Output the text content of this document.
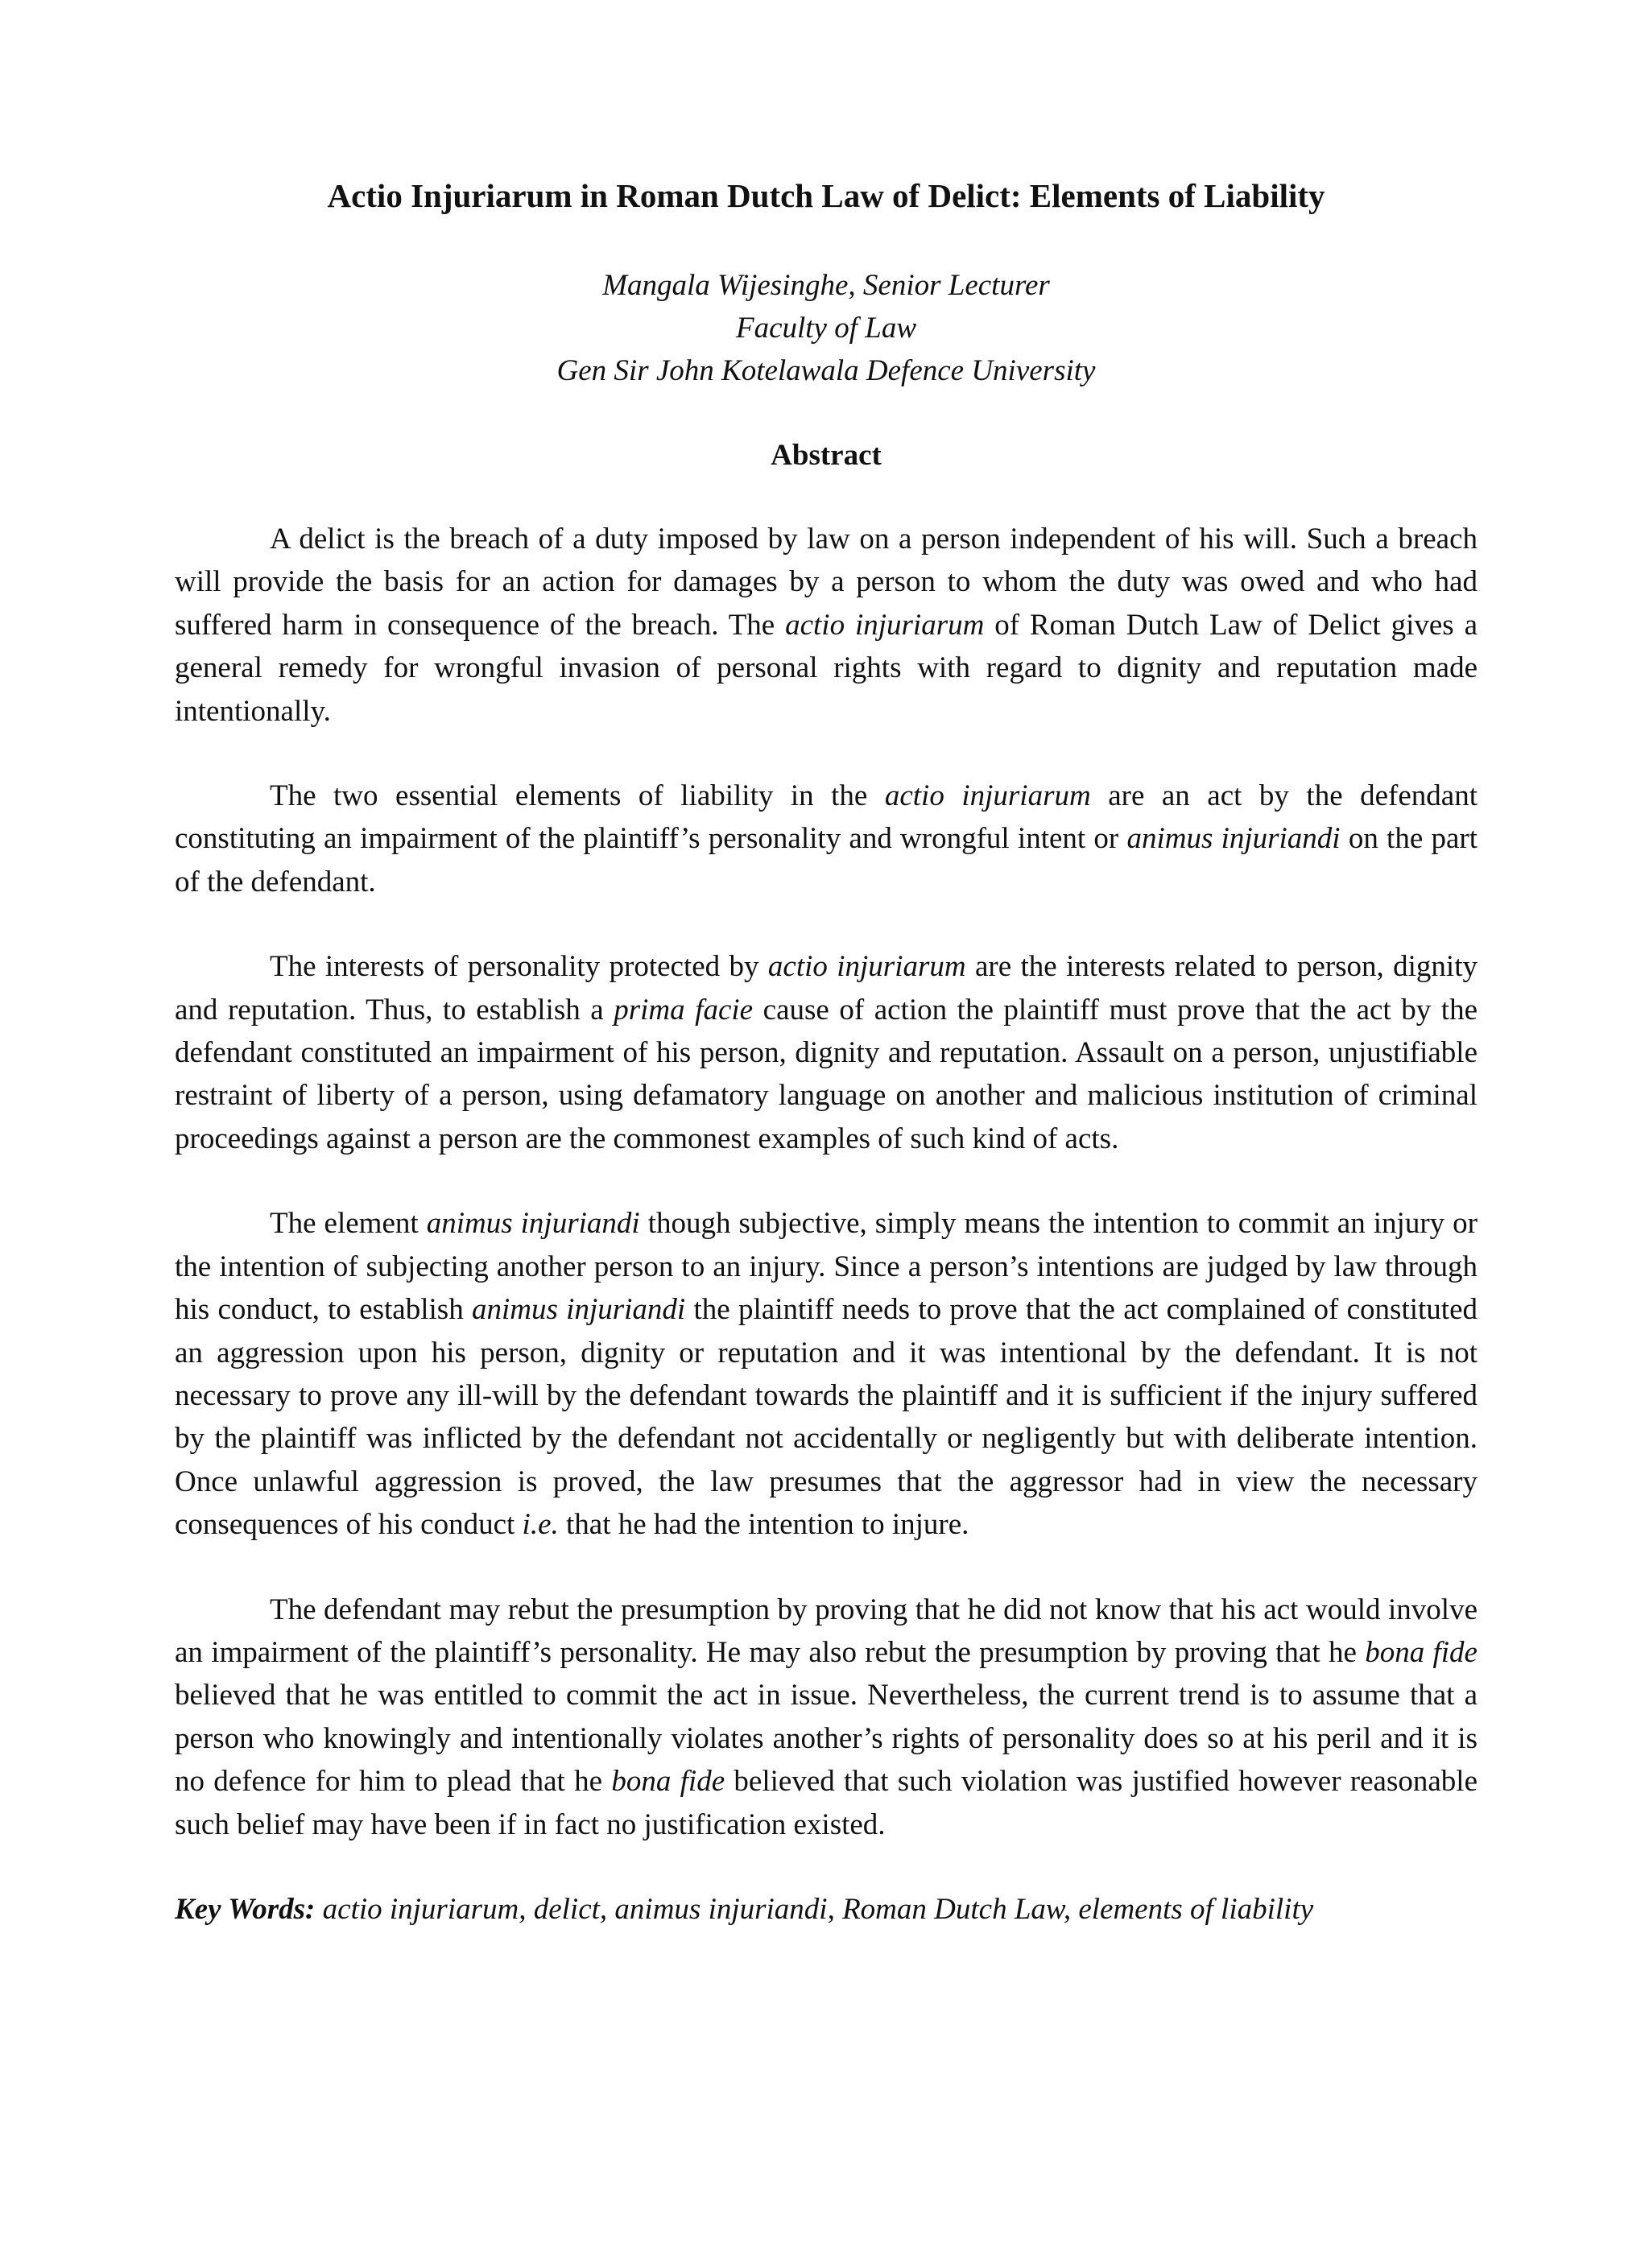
Actio Injuriarum in Roman Dutch Law of Delict: Elements of Liability
Mangala Wijesinghe, Senior Lecturer
Faculty of Law
Gen Sir John Kotelawala Defence University
Abstract

A delict is the breach of a duty imposed by law on a person independent of his will. Such a breach will provide the basis for an action for damages by a person to whom the duty was owed and who had suffered harm in consequence of the breach. The actio injuriarum of Roman Dutch Law of Delict gives a general remedy for wrongful invasion of personal rights with regard to dignity and reputation made intentionally.

The two essential elements of liability in the actio injuriarum are an act by the defendant constituting an impairment of the plaintiff’s personality and wrongful intent or animus injuriandi on the part of the defendant.

The interests of personality protected by actio injuriarum are the interests related to person, dignity and reputation. Thus, to establish a prima facie cause of action the plaintiff must prove that the act by the defendant constituted an impairment of his person, dignity and reputation. Assault on a person, unjustifiable restraint of liberty of a person, using defamatory language on another and malicious institution of criminal proceedings against a person are the commonest examples of such kind of acts.

The element animus injuriandi though subjective, simply means the intention to commit an injury or the intention of subjecting another person to an injury. Since a person’s intentions are judged by law through his conduct, to establish animus injuriandi the plaintiff needs to prove that the act complained of constituted an aggression upon his person, dignity or reputation and it was intentional by the defendant. It is not necessary to prove any ill-will by the defendant towards the plaintiff and it is sufficient if the injury suffered by the plaintiff was inflicted by the defendant not accidentally or negligently but with deliberate intention. Once unlawful aggression is proved, the law presumes that the aggressor had in view the necessary consequences of his conduct i.e. that he had the intention to injure.

The defendant may rebut the presumption by proving that he did not know that his act would involve an impairment of the plaintiff’s personality. He may also rebut the presumption by proving that he bona fide believed that he was entitled to commit the act in issue. Nevertheless, the current trend is to assume that a person who knowingly and intentionally violates another’s rights of personality does so at his peril and it is no defence for him to plead that he bona fide believed that such violation was justified however reasonable such belief may have been if in fact no justification existed.

Key Words: actio injuriarum, delict, animus injuriandi, Roman Dutch Law, elements of liability
